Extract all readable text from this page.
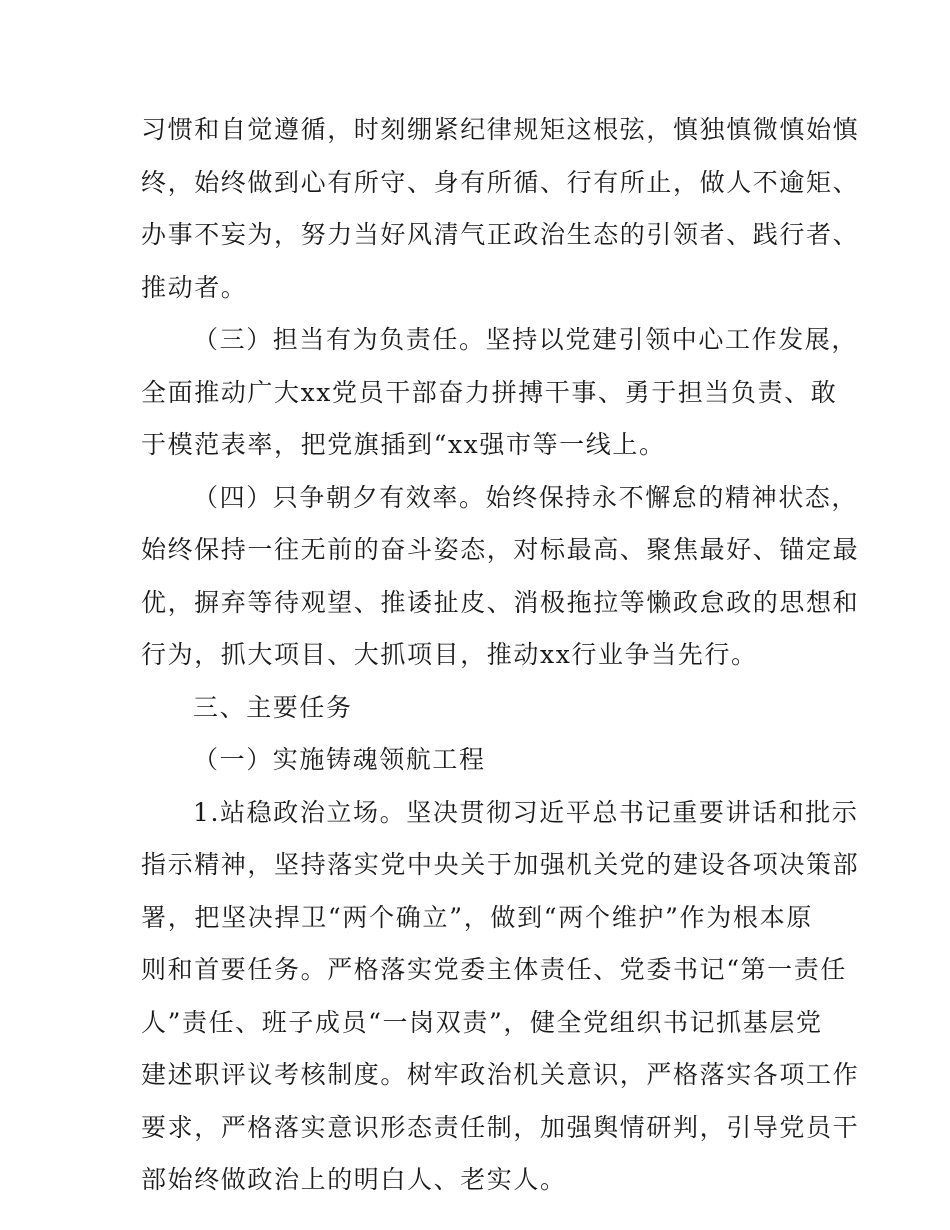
习惯和自觉遵循，时刻绷紧纪律规矩这根弦，慎独慎微慎始慎
终，始终做到心有所守、身有所循、行有所止，做人不逾矩、
办事不妄为，努力当好风清气正政治生态的引领者、践行者、
推动者。
（三）担当有为负责任。坚持以党建引领中心工作发展，
全面推动广大xx党员干部奋力拼搏干事、勇于担当负责、敢
于模范表率，把党旗插到“xx强市等一线上。
（四）只争朝夕有效率。始终保持永不懈怠的精神状态，
始终保持一往无前的奋斗姿态，对标最高、聚焦最好、锚定最
优，摒弃等待观望、推诿扯皮、消极拖拉等懒政怠政的思想和
行为，抓大项目、大抓项目，推动xx行业争当先行。
三、主要任务
（一）实施铸魂领航工程
1.站稳政治立场。坚决贯彻习近平总书记重要讲话和批示
指示精神，坚持落实党中央关于加强机关党的建设各项决策部
署，把坚决捍卫“两个确立”，做到“两个维护”作为根本原
则和首要任务。严格落实党委主体责任、党委书记“第一责任
人”责任、班子成员“一岗双责”，健全党组织书记抓基层党
建述职评议考核制度。树牢政治机关意识，严格落实各项工作
要求，严格落实意识形态责任制，加强舆情研判，引导党员干
部始终做政治上的明白人、老实人。
